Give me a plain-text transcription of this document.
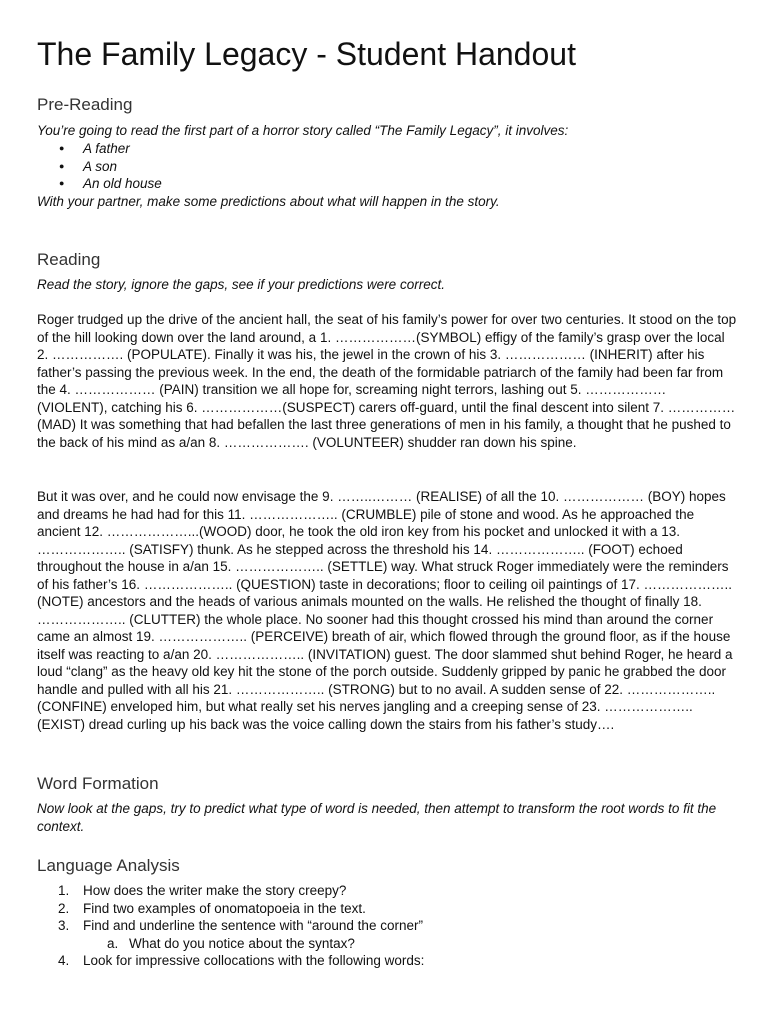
The Family Legacy - Student Handout
Pre-Reading

You’re going to read the first part of a horror story called “The Family Legacy”, it involves:

● A father
● A son
● An old house

With your partner, make some predictions about what will happen in the story.

Reading

Read the story, ignore the gaps, see if your predictions were correct.

Roger trudged up the drive of the ancient hall, the seat of his family’s power for over two centuries. It stood on the top of the hill looking down over the land around, a 1. ………………(SYMBOL) effigy of the family’s grasp over the local 2. ……………. (POPULATE). Finally it was his, the jewel in the crown of his 3. ……………… (INHERIT) after his father’s passing the previous week. In the end, the death of the formidable patriarch of the family had been far from the 4. ……………… (PAIN) transition we all hope for, screaming night terrors, lashing out 5. ……………… (VIOLENT), catching his 6. ………………(SUSPECT) carers off-guard, until the final descent into silent 7. …………… (MAD) It was something that had befallen the last three generations of men in his family, a thought that he pushed to the back of his mind as a/an 8. ………………. (VOLUNTEER) shudder ran down his spine.

But it was over, and he could now envisage the 9. ……..……… (REALISE) of all the 10. ……………… (BOY) hopes and dreams he had had for this 11. ……………….. (CRUMBLE) pile of stone and wood. As he approached the ancient 12. ………………...(WOOD) door, he took the old iron key from his pocket and unlocked it with a 13. ……………….. (SATISFY) thunk. As he stepped across the threshold his 14. ……………….. (FOOT) echoed throughout the house in a/an 15. ……………….. (SETTLE) way. What struck Roger immediately were the reminders of his father’s 16. ……………….. (QUESTION) taste in decorations; floor to ceiling oil paintings of 17. ……………….. (NOTE) ancestors and the heads of various animals mounted on the walls. He relished the thought of finally 18. ……………….. (CLUTTER) the whole place. No sooner had this thought crossed his mind than around the corner came an almost 19. ……………….. (PERCEIVE) breath of air, which flowed through the ground floor, as if the house itself was reacting to a/an 20. ……………….. (INVITATION) guest. The door slammed shut behind Roger, he heard a loud “clang” as the heavy old key hit the stone of the porch outside. Suddenly gripped by panic he grabbed the door handle and pulled with all his 21. ……………….. (STRONG) but to no avail. A sudden sense of 22. ……………….. (CONFINE) enveloped him, but what really set his nerves jangling and a creeping sense of 23. ……………….. (EXIST) dread curling up his back was the voice calling down the stairs from his father’s study….

Word Formation

Now look at the gaps, try to predict what type of word is needed, then attempt to transform the root words to fit the context.

Language Analysis
1. How does the writer make the story creepy?
2. Find two examples of onomatopoeia in the text.
3. Find and underline the sentence with “around the corner”
a. What do you notice about the syntax?
4. Look for impressive collocations with the following words:
